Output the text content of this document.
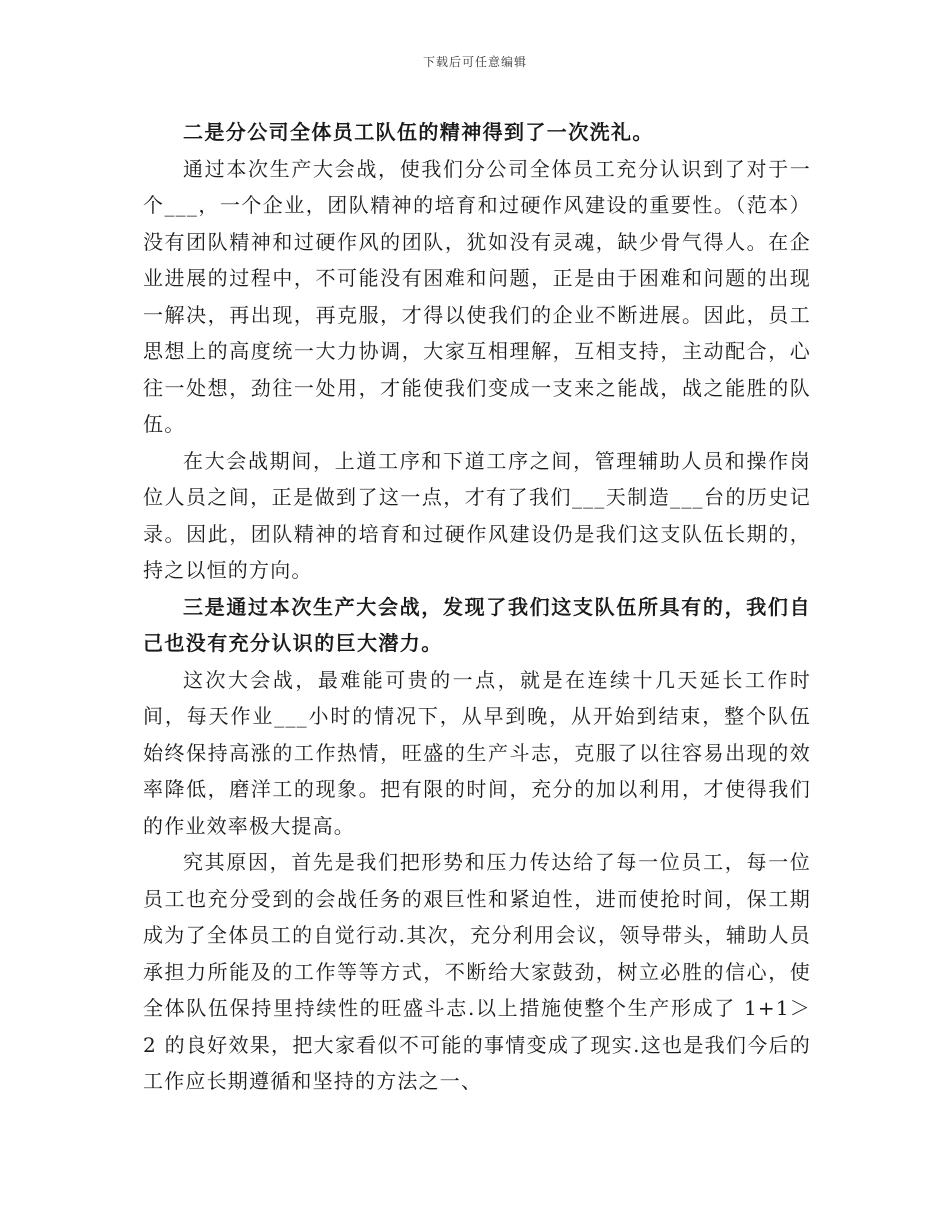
下载后可任意编辑

二是分公司全体员工队伍的精神得到了一次洗礼。

通过本次生产大会战，使我们分公司全体员工充分认识到了对于一个___，一个企业，团队精神的培育和过硬作风建设的重要性。（范本）没有团队精神和过硬作风的团队，犹如没有灵魂，缺少骨气得人。在企业进展的过程中，不可能没有困难和问题，正是由于困难和问题的出现一解决，再出现，再克服，才得以使我们的企业不断进展。因此，员工思想上的高度统一大力协调，大家互相理解，互相支持，主动配合，心往一处想，劲往一处用，才能使我们变成一支来之能战，战之能胜的队伍。

在大会战期间，上道工序和下道工序之间，管理辅助人员和操作岗位人员之间，正是做到了这一点，才有了我们___天制造___台的历史记录。因此，团队精神的培育和过硬作风建设仍是我们这支队伍长期的，持之以恒的方向。

三是通过本次生产大会战，发现了我们这支队伍所具有的，我们自己也没有充分认识的巨大潜力。

这次大会战，最难能可贵的一点，就是在连续十几天延长工作时间，每天作业___小时的情况下，从早到晚，从开始到结束，整个队伍始终保持高涨的工作热情，旺盛的生产斗志，克服了以往容易出现的效率降低，磨洋工的现象。把有限的时间，充分的加以利用，才使得我们的作业效率极大提高。

究其原因，首先是我们把形势和压力传达给了每一位员工，每一位员工也充分受到的会战任务的艰巨性和紧迫性，进而使抢时间，保工期成为了全体员工的自觉行动.其次，充分利用会议，领导带头，辅助人员承担力所能及的工作等等方式，不断给大家鼓劲，树立必胜的信心，使全体队伍保持里持续性的旺盛斗志.以上措施使整个生产形成了 1+1＞2 的良好效果，把大家看似不可能的事情变成了现实.这也是我们今后的工作应长期遵循和坚持的方法之一、
